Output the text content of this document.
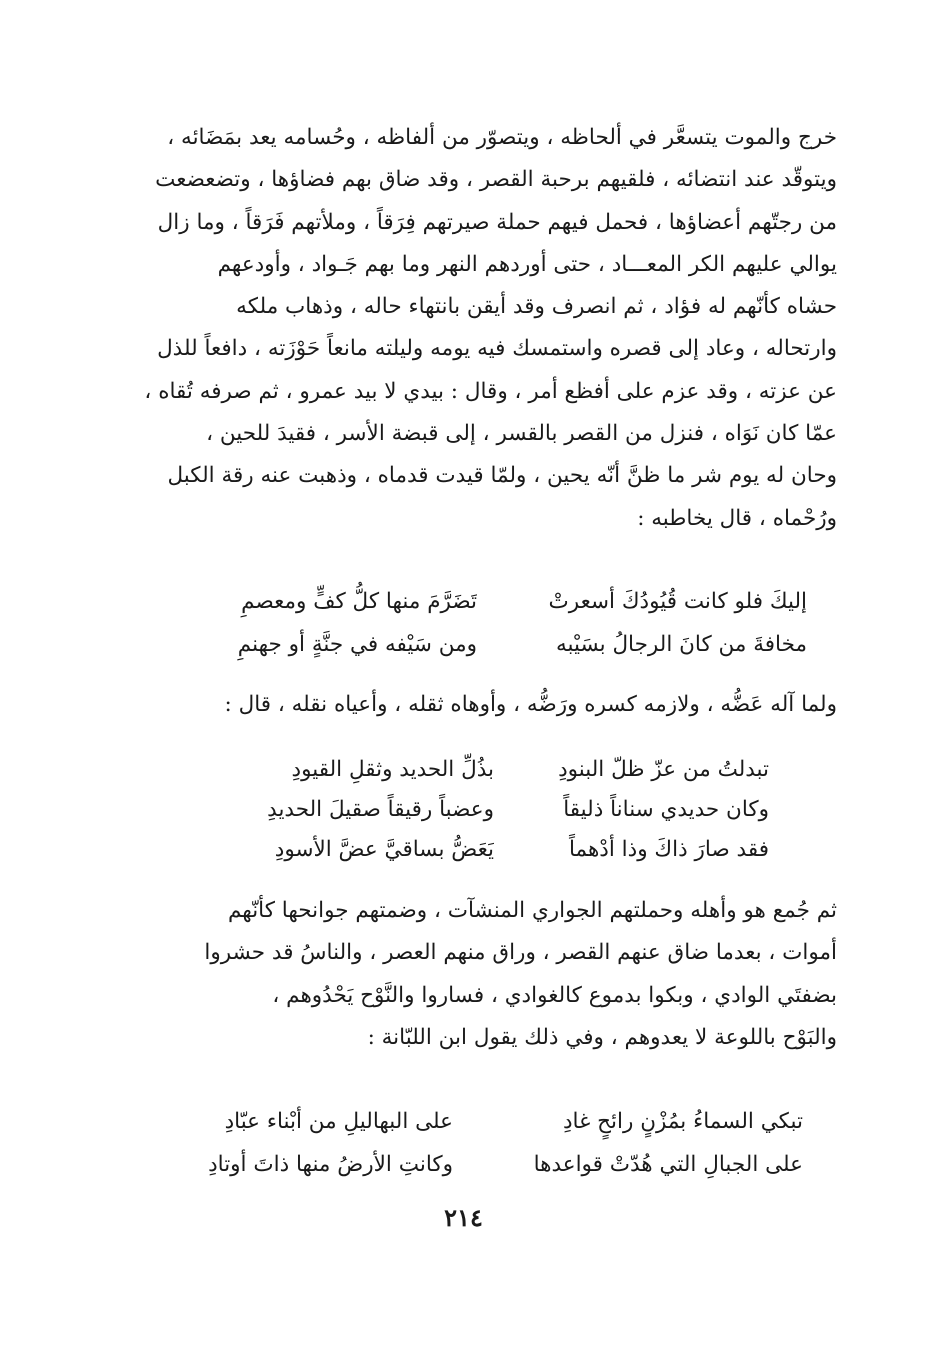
خرج والموت يتسعَّر في ألحاظه ، ويتصوّر من ألفاظه ، وحُسامه يعد بمَضَائه ،
ويتوقّد عند انتضائه ، فلقيهم برحبة القصر ، وقد ضاق بهم فضاؤها ، وتضعضعت
من رجتّهم أعضاؤها ، فحمل فيهم حملة صيرتهم فِرَقاً ، وملأتهم فَرَقاً ، وما زال
يوالي عليهم الكر المعـــاد ، حتى أوردهم النهر وما بهم جَـواد ، وأودعهم
حشاه كأنّهم له فؤاد ، ثم انصرف وقد أيقن بانتهاء حاله ، وذهاب ملكه
وارتحاله ، وعاد إلى قصره واستمسك فيه يومه وليلته مانعاً حَوْزَته ، دافعاً للذل
عن عزته ، وقد عزم على أفظع أمر ، وقال : بيدي لا بيد عمرو ، ثم صرفه تُقاه ،
عمّا كان نَوَاه ، فنزل من القصر بالقسر ، إلى قبضة الأسر ، فقيدَ للحين ،
وحان له يوم شر ما ظنَّ أنّه يحين ، ولمّا قيدت قدماه ، وذهبت عنه رقة الكبل
ورُحْماه ، قال يخاطبه :
إليكَ فلو كانت قُيُودُكَ أسعرتْ
تَضَرَّمَ منها كلُّ كفٍّ ومعصمِ
مخافةَ من كانَ الرجالُ بسَيْبه
ومن سَيْفه في جنَّةٍ أو جهنمِ
ولما آله عَضُّه ، ولازمه كسره ورَضُّه ، وأوهاه ثقله ، وأعياه نقله ، قال :
تبدلتُ من عزّ ظلّ البنودِ
بذُلِّ الحديد وثقلِ القيودِ
وكان حديدي سناناً ذليقاً
وعضباً رقيقاً صقيلَ الحديدِ
فقد صارَ ذاكَ وذا أدْهماً
يَعَضُّ بساقيَّ عضَّ الأسودِ
ثم جُمع هو وأهله وحملتهم الجواري المنشآت ، وضمتهم جوانحها كأنّهم
أموات ، بعدما ضاق عنهم القصر ، وراق منهم العصر ، والناسُ قد حشروا
بضفتَي الوادي ، وبكوا بدموع كالغوادي ، فساروا والنَّوْح يَحْدُوهم ،
والبَوْح باللوعة لا يعدوهم ، وفي ذلك يقول ابن اللبّانة :
تبكي السماءُ بمُزْنٍ رائحٍ غادِ
على البهاليلِ من أبْناء عبّادِ
على الجبالِ التي هُدّتْ قواعدها
وكانتِ الأرضُ منها ذاتَ أوتادِ
٢١٤
